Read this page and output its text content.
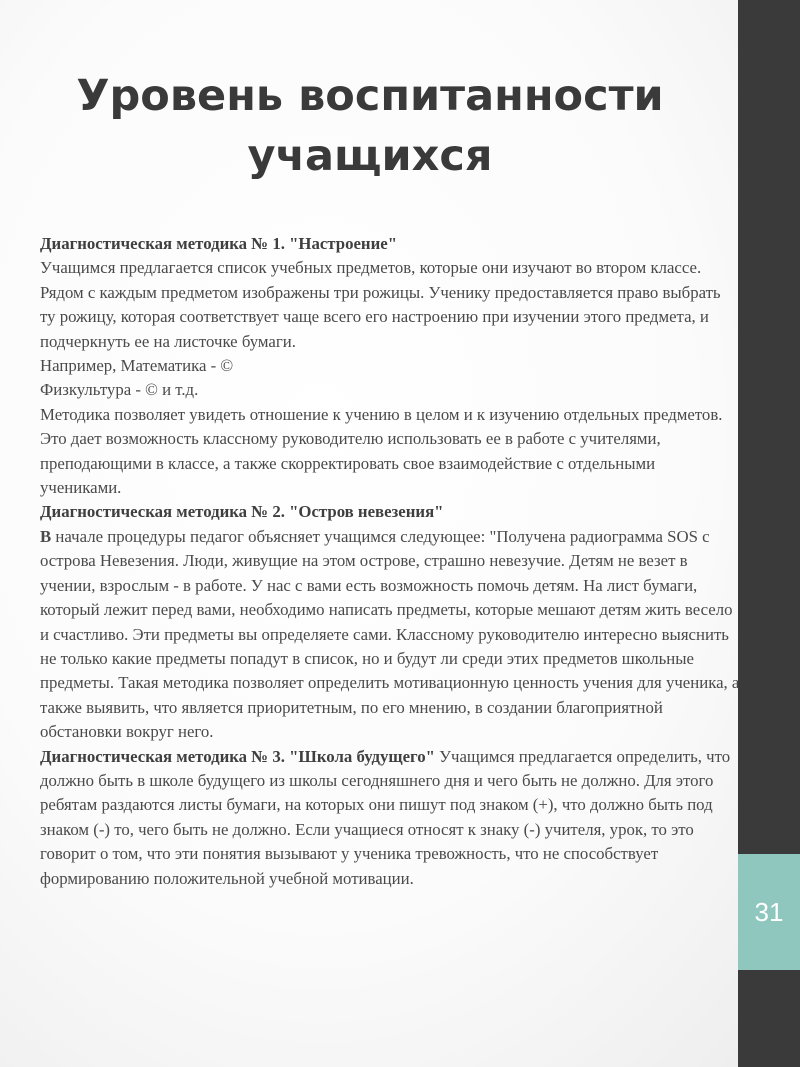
31
Уровень воспитанности учащихся

Диагностическая методика № 1. "Настроение"

Учащимся предлагается список учебных предметов, которые они изучают во втором классе. Рядом с каждым предметом изображены три рожицы. Ученику предоставляется право выбрать ту рожицу, которая соответствует чаще всего его настроению при изучении этого предмета, и подчеркнуть ее на листочке бумаги.

Например, Математика - ©

Физкультура - © и т.д.

Методика позволяет увидеть отношение к учению в целом и к изучению отдельных предметов. Это дает возможность классному руководителю использовать ее в работе с учителями, преподающими в классе, а также скорректировать свое взаимодействие с отдельными учениками.

Диагностическая методика № 2. "Остров невезения"

В начале процедуры педагог объясняет учащимся следующее: "Получена радиограмма SOS с острова Невезения. Люди, живущие на этом острове, страшно невезучие. Детям не везет в учении, взрослым - в работе. У нас с вами есть возможность помочь детям. На лист бумаги, который лежит перед вами, необходимо написать предметы, которые мешают детям жить весело и счастливо. Эти предметы вы определяете сами. Классному руководителю интересно выяснить не только какие предметы попадут в список, но и будут ли среди этих предметов школьные предметы. Такая методика позволяет определить мотивационную ценность учения для ученика, а также выявить, что является приоритетным, по его мнению, в создании благоприятной обстановки вокруг него.

Диагностическая методика № 3. "Школа будущего" Учащимся предлагается определить, что должно быть в школе будущего из школы сегодняшнего дня и чего быть не должно. Для этого ребятам раздаются листы бумаги, на которых они пишут под знаком (+), что должно быть под знаком (-) то, чего быть не должно. Если учащиеся относят к знаку (-) учителя, урок, то это говорит о том, что эти понятия вызывают у ученика тревожность, что не способствует формированию положительной учебной мотивации.
